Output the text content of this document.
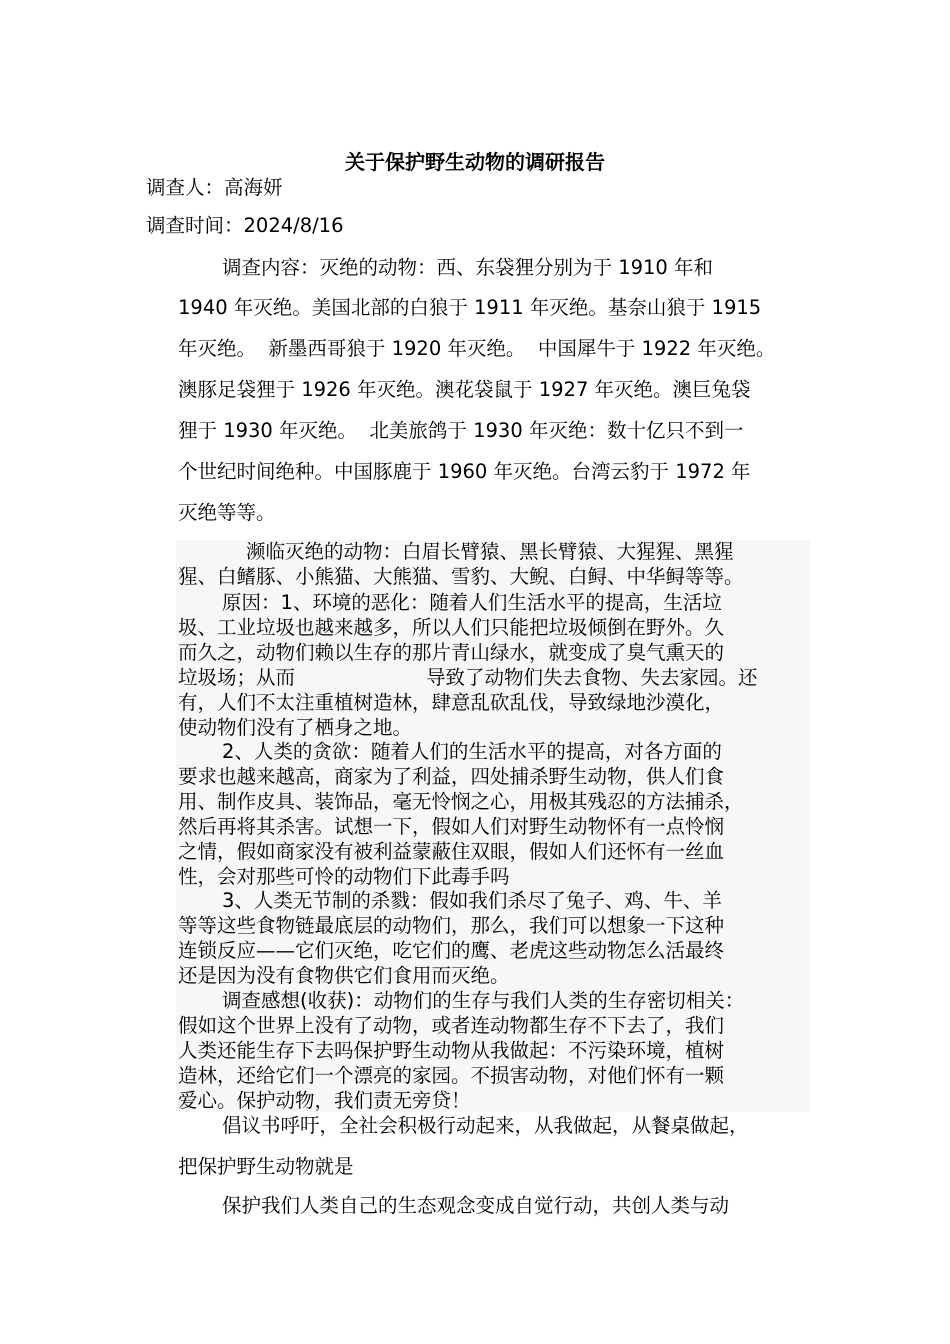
关于保护野生动物的调研报告
调查人：高海妍
调查时间：2024/8/16
调查内容：灭绝的动物：西、东袋狸分别为于 1910 年和
1940 年灭绝。美国北部的白狼于 1911 年灭绝。基奈山狼于 1915
年灭绝。  新墨西哥狼于 1920 年灭绝。  中国犀牛于 1922 年灭绝。
澳豚足袋狸于 1926 年灭绝。澳花袋鼠于 1927 年灭绝。澳巨兔袋
狸于 1930 年灭绝。  北美旅鸽于 1930 年灭绝：数十亿只不到一
个世纪时间绝种。中国豚鹿于 1960 年灭绝。台湾云豹于 1972 年
灭绝等等。
濒临灭绝的动物：白眉长臂猿、黑长臂猿、大猩猩、黑猩
猩、白鳍豚、小熊猫、大熊猫、雪豹、大鲵、白鲟、中华鲟等等。
原因：1、环境的恶化：随着人们生活水平的提高，生活垃
圾、工业垃圾也越来越多，所以人们只能把垃圾倾倒在野外。久
而久之，动物们赖以生存的那片青山绿水，就变成了臭气熏天的
垃圾场；从而	导致了动物们失去食物、失去家园。还
有，人们不太注重植树造林，肆意乱砍乱伐，导致绿地沙漠化，
使动物们没有了栖身之地。
2、人类的贪欲：随着人们的生活水平的提高，对各方面的
要求也越来越高，商家为了利益，四处捕杀野生动物，供人们食
用、制作皮具、装饰品，毫无怜悯之心，用极其残忍的方法捕杀，
然后再将其杀害。试想一下，假如人们对野生动物怀有一点怜悯
之情，假如商家没有被利益蒙蔽住双眼，假如人们还怀有一丝血
性，会对那些可怜的动物们下此毒手吗
3、人类无节制的杀戮：假如我们杀尽了兔子、鸡、牛、羊
等等这些食物链最底层的动物们，那么，我们可以想象一下这种
连锁反应——它们灭绝，吃它们的鹰、老虎这些动物怎么活最终
还是因为没有食物供它们食用而灭绝。
调查感想(收获)：动物们的生存与我们人类的生存密切相关：
假如这个世界上没有了动物，或者连动物都生存不下去了，我们
人类还能生存下去吗保护野生动物从我做起：不污染环境，植树
造林，还给它们一个漂亮的家园。不损害动物，对他们怀有一颗
爱心。保护动物，我们责无旁贷！
倡议书呼吁，全社会积极行动起来，从我做起，从餐桌做起，
把保护野生动物就是
保护我们人类自己的生态观念变成自觉行动，共创人类与动
